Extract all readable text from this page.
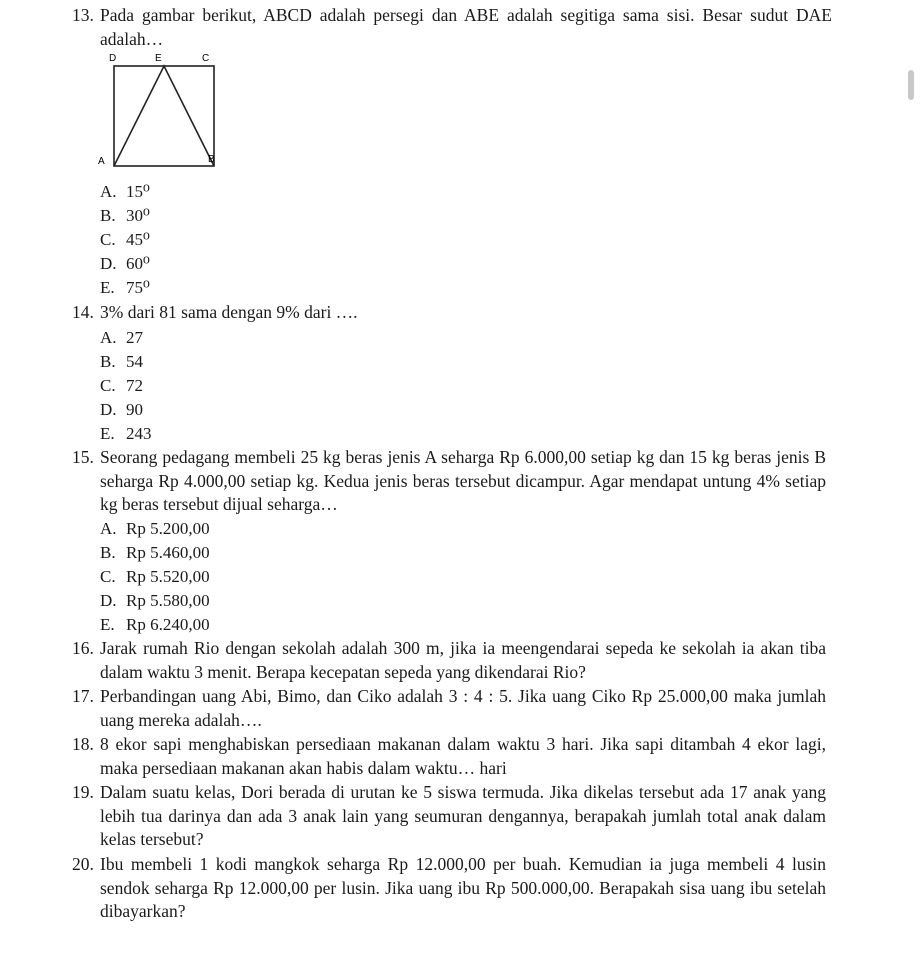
13. Pada gambar berikut, ABCD adalah persegi dan ABE adalah segitiga sama sisi. Besar sudut DAE adalah…
D	E	C
A	B
A. 15⁰
B. 30⁰
C. 45⁰
D. 60⁰
E. 75⁰
14. 3% dari 81 sama dengan 9% dari ….
A. 27
B. 54
C. 72
D. 90
E. 243
15. Seorang pedagang membeli 25 kg beras jenis A seharga Rp 6.000,00 setiap kg dan 15 kg beras jenis B seharga Rp 4.000,00 setiap kg. Kedua jenis beras tersebut dicampur. Agar mendapat untung 4% setiap kg beras tersebut dijual seharga…
A. Rp 5.200,00
B. Rp 5.460,00
C. Rp 5.520,00
D. Rp 5.580,00
E. Rp 6.240,00
16. Jarak rumah Rio dengan sekolah adalah 300 m, jika ia meengendarai sepeda ke sekolah ia akan tiba dalam waktu 3 menit. Berapa kecepatan sepeda yang dikendarai Rio?
17. Perbandingan uang Abi, Bimo, dan Ciko adalah 3 : 4 : 5. Jika uang Ciko Rp 25.000,00 maka jumlah uang mereka adalah….
18. 8 ekor sapi menghabiskan persediaan makanan dalam waktu 3 hari. Jika sapi ditambah 4 ekor lagi, maka persediaan makanan akan habis dalam waktu… hari
19. Dalam suatu kelas, Dori berada di urutan ke 5 siswa termuda. Jika dikelas tersebut ada 17 anak yang lebih tua darinya dan ada 3 anak lain yang seumuran dengannya, berapakah jumlah total anak dalam kelas tersebut?
20. Ibu membeli 1 kodi mangkok seharga Rp 12.000,00 per buah. Kemudian ia juga membeli 4 lusin sendok seharga Rp 12.000,00 per lusin. Jika uang ibu Rp 500.000,00. Berapakah sisa uang ibu setelah dibayarkan?
